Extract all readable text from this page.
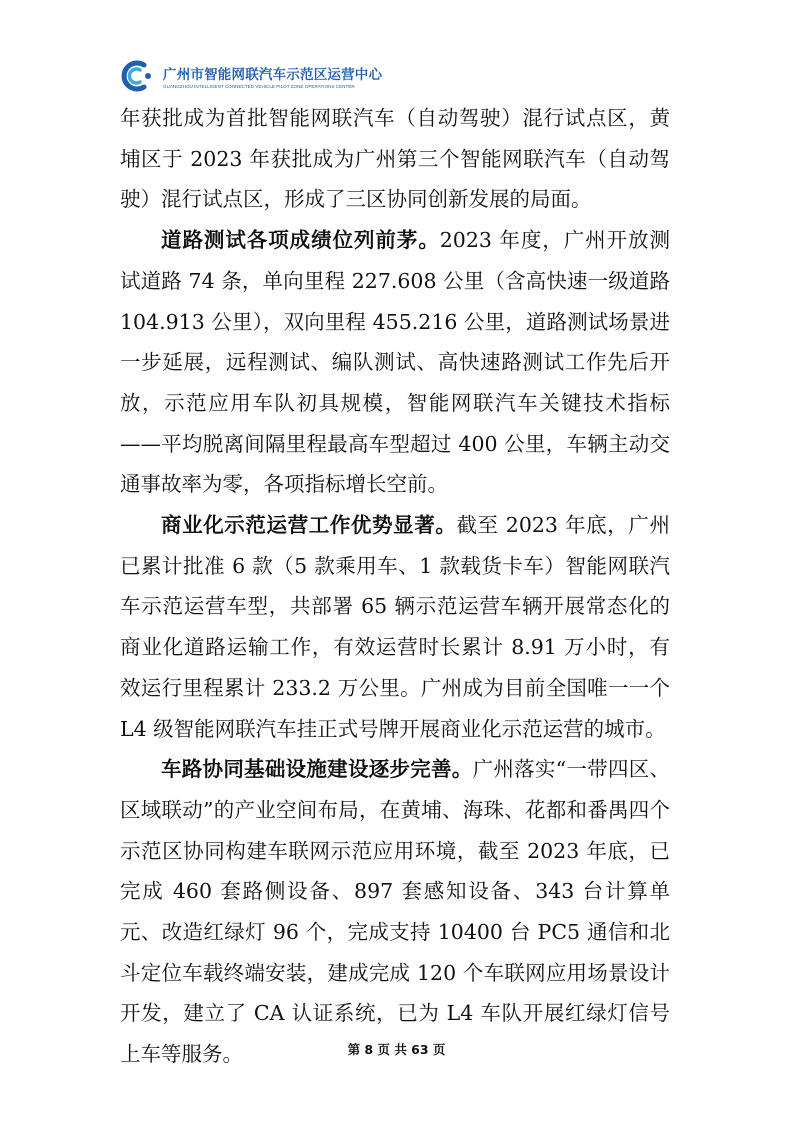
广州市智能网联汽车示范区运营中心
GUANGZHOU INTELLIGENT CONNECTED VEHICLE PILOT ZONE OPERATIONS CENTER

年获批成为首批智能网联汽车（自动驾驶）混行试点区，黄埔区于 2023 年获批成为广州第三个智能网联汽车（自动驾驶）混行试点区，形成了三区协同创新发展的局面。

道路测试各项成绩位列前茅。2023 年度，广州开放测试道路 74 条，单向里程 227.608 公里（含高快速一级道路 104.913 公里），双向里程 455.216 公里，道路测试场景进一步延展，远程测试、编队测试、高快速路测试工作先后开放，示范应用车队初具规模，智能网联汽车关键技术指标——平均脱离间隔里程最高车型超过 400 公里，车辆主动交通事故率为零，各项指标增长空前。

商业化示范运营工作优势显著。截至 2023 年底，广州已累计批准 6 款（5 款乘用车、1 款载货卡车）智能网联汽车示范运营车型，共部署 65 辆示范运营车辆开展常态化的商业化道路运输工作，有效运营时长累计 8.91 万小时，有效运行里程累计 233.2 万公里。广州成为目前全国唯一一个 L4 级智能网联汽车挂正式号牌开展商业化示范运营的城市。

车路协同基础设施建设逐步完善。广州落实“一带四区、区域联动”的产业空间布局，在黄埔、海珠、花都和番禺四个示范区协同构建车联网示范应用环境，截至 2023 年底，已完成 460 套路侧设备、897 套感知设备、343 台计算单元、改造红绿灯 96 个，完成支持 10400 台 PC5 通信和北斗定位车载终端安装，建成完成 120 个车联网应用场景设计开发，建立了 CA 认证系统，已为 L4 车队开展红绿灯信号上车等服务。	第 8 页 共 63 页
